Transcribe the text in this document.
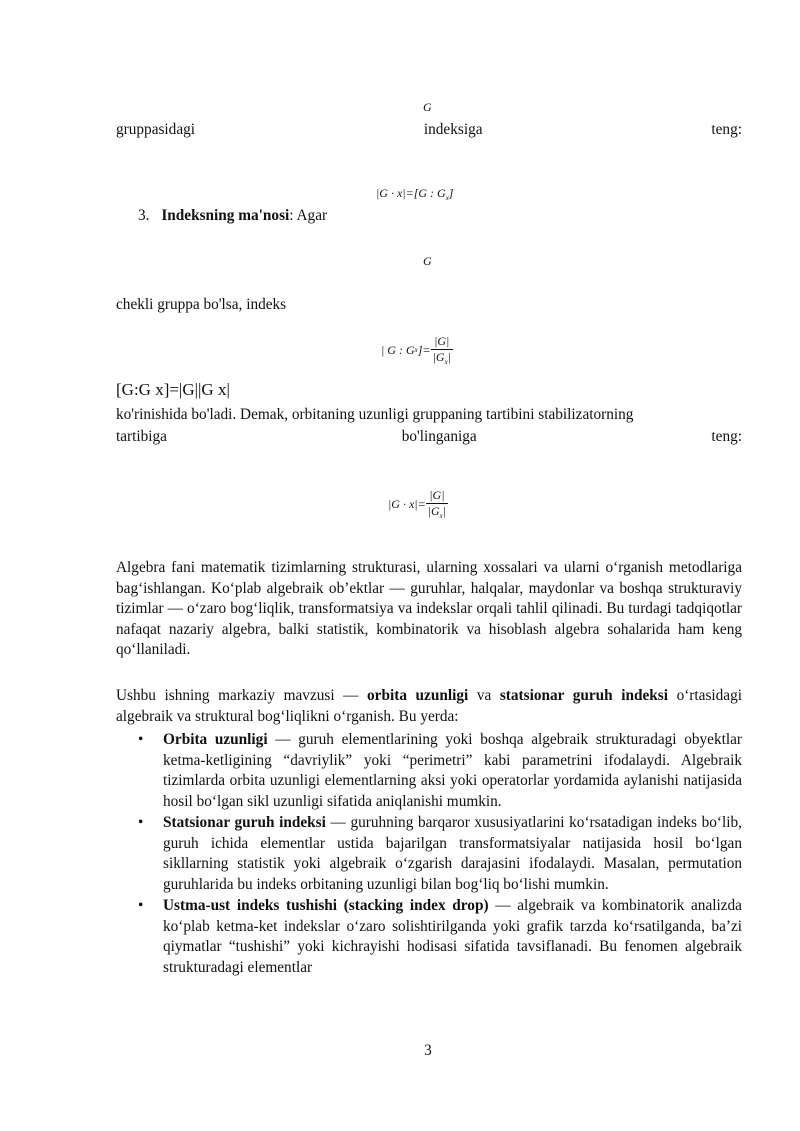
G
gruppasidagi	indeksiga	teng:
|G · x|=[G : $G_x$]
3. Indeksning ma'nosi: Agar
G
chekli gruppa bo'lsa, indeks
| G : G x ]= $\frac{|G|}{|G_x|}$
[G:G x]=|G||G x|
ko'rinishida bo'ladi. Demak, orbitaning uzunligi gruppaning tartibini stabilizatorning
tartibiga	bo'linganiga	teng:
$|G \cdot x|= \frac{|G|}{|G_x|}$

Algebra fani matematik tizimlarning strukturasi, ularning xossalari va ularni o‘rganish metodlariga bag‘ishlangan. Ko‘plab algebraik ob’ektlar — guruhlar, halqalar, maydonlar va boshqa strukturaviy tizimlar — o‘zaro bog‘liqlik, transformatsiya va indekslar orqali tahlil qilinadi. Bu turdagi tadqiqotlar nafaqat nazariy algebra, balki statistik, kombinatorik va hisoblash algebra sohalarida ham keng qo‘llaniladi.

Ushbu ishning markaziy mavzusi — orbita uzunligi va statsionar guruh indeksi o‘rtasidagi algebraik va struktural bog‘liqlikni o‘rganish. Bu yerda:

• Orbita uzunligi — guruh elementlarining yoki boshqa algebraik strukturadagi obyektlar ketma-ketligining “davriylik” yoki “perimetri” kabi parametrini ifodalaydi. Algebraik tizimlarda orbita uzunligi elementlarning aksi yoki operatorlar yordamida aylanishi natijasida hosil bo‘lgan sikl uzunligi sifatida aniqlanishi mumkin.
• Statsionar guruh indeksi — guruhning barqaror xususiyatlarini ko‘rsatadigan indeks bo‘lib, guruh ichida elementlar ustida bajarilgan transformatsiyalar natijasida hosil bo‘lgan sikllarning statistik yoki algebraik o‘zgarish darajasini ifodalaydi. Masalan, permutation guruhlarida bu indeks orbitaning uzunligi bilan bog‘liq bo‘lishi mumkin.
• Ustma-ust indeks tushishi (stacking index drop) — algebraik va kombinatorik analizda ko‘plab ketma-ket indekslar o‘zaro solishtirilganda yoki grafik tarzda ko‘rsatilganda, ba’zi qiymatlar “tushishi” yoki kichrayishi hodisasi sifatida tavsiflanadi. Bu fenomen algebraik strukturadagi elementlar
3
